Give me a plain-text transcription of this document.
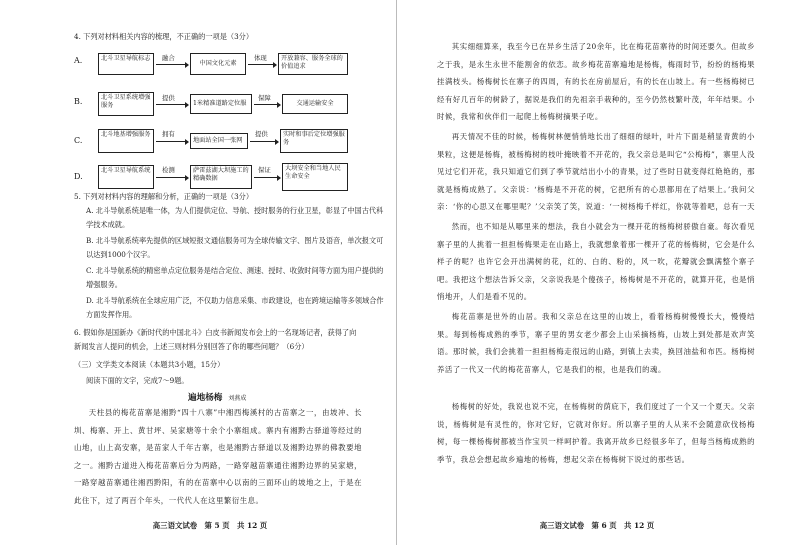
4. 下列对材料相关内容的梳理，不正确的一项是（3分）

A.	北斗卫星导航标志	融合
中国文化元素
体现	开放兼容、服务全球的价值追求
B.	北斗卫星系统增强服务
提供
1米精准道路定位服
保障
交通运输安全
C.
北斗地基增强服务	拥有
地面站全国一张网
提供	实时和事后定位增强服务
D.
北斗卫星导航系统	检测	萨雷兹湖大坝施工的精确数据
保证	大坝安全和当地人民生命安全

5. 下列对材料内容的理解和分析，正确的一项是（3分）

A. 北斗导航系统是唯一体，为人们提供定位、导航、授时服务的行业卫星，彰显了中国古代科学技术成就。

B. 北斗导航系统率先提供的区域短报文通信服务可为全球传输文字、图片及语音，单次报文可以达到1000个汉字。

C. 北斗导航系统的精密单点定位服务是结合定位、测速、授时、收敛时间等方面为用户提供的增强服务。

D. 北斗导航系统在全球应用广泛，不仅助力信息采集、市政建设，也在跨境运输等多领域合作方面发挥作用。

6. 假如你是国新办《新时代的中国北斗》白皮书新闻发布会上的一名现场记者，获得了向新闻发言人提问的机会，上述三则材料分别回答了你的哪些问题？（6分）

（三）文学类文本阅读（本题共3小题，15分）

阅读下面的文字，完成7～9题。

遍地杨梅 刘燕成

天柱县的梅花苗寨是湘黔“四十八寨”中湘西梅溪村的古苗寨之一，由坡冲、长圳、梅寨、开上、黄甘坪、吴家塘等十余个小寨组成。寨内有湘黔古驿道等经过的山地，山上高安寨，是苗家人千年古寨，也是湘黔古驿道以及湘黔边界的佛教要地之一。湘黔古道进入梅花苗寨后分为两路，一路穿越苗寨通往湘黔边界的吴家塘，一路穿越苗寨通往湘西黔阳，有的在苗寨中心以南的三面环山的坡地之上，于是在此住下，过了两百个年头，一代代人在这里繁衍生息。

高三语文试卷　第 5 页　共 12 页

其实细细算来，我至今已在异乡生活了20余年，比在梅花苗寨待的时间还要久。但故乡之于我，是永生永世不能割舍的依恋。故乡梅花苗寨遍地是杨梅，梅雨时节，纷纷的杨梅果挂满枝头。杨梅树长在寨子的四周，有的长在房前屋后，有的长在山坡上。有一些杨梅树已经有好几百年的树龄了，据说是我们的先祖亲手栽种的，至今仍然枝繁叶茂，年年结果。小时候，我常和伙伴们一起爬上杨梅树摘果子吃。

再天情况不佳的时候，杨梅树林便悄悄地长出了细细的绿叶，叶片下面是稍显青黄的小果粒，这便是杨梅，被杨梅树的枝叶掩映着不开花的，我父亲总是叫它“公梅梅”，寨里人没见过它们开花，我只知道它们到了季节就结出小小的青果，过了些时日就变得红艳艳的，那就是杨梅成熟了。父亲说：‘杨梅是不开花的树，它把所有的心思都用在了结果上。’我问父亲：‘你的心思又在哪里呢？’父亲笑了笑，说道：‘一树杨梅千样红，你就等着吧，总有一天

然而，也不知是从哪里来的想法，我自小就会为一棵开花的杨梅树骄傲自豪。每次看见寨子里的人挑着一担担杨梅果走在山路上，我就想象着那一棵开了花的杨梅树，它会是什么样子的呢？也许它会开出满树的花，红的、白的、粉的，风一吹，花瓣就会飘满整个寨子吧。我把这个想法告诉父亲，父亲说我是个傻孩子，杨梅树是不开花的，就算开花，也是悄悄地开，人们是看不见的。

梅花苗寨是世外的山居。我和父亲总在这里的山坡上，看着杨梅树慢慢长大，慢慢结果。每到杨梅成熟的季节，寨子里的男女老少都会上山采摘杨梅，山坡上到处都是欢声笑语。那时候，我们会挑着一担担杨梅走很远的山路，到镇上去卖，换回油盐和布匹。杨梅树养活了一代又一代的梅花苗寨人，它是我们的根，也是我们的魂。

杨梅树的好处，我说也说不完，在杨梅树的荫庇下，我们度过了一个又一个夏天。父亲说，杨梅树是有灵性的，你对它好，它就对你好。所以寨子里的人从来不会随意砍伐杨梅树，每一棵杨梅树都被当作宝贝一样呵护着。我离开故乡已经很多年了，但每当杨梅成熟的季节，我总会想起故乡遍地的杨梅，想起父亲在杨梅树下说过的那些话。

高三语文试卷　第 6 页　共 12 页
